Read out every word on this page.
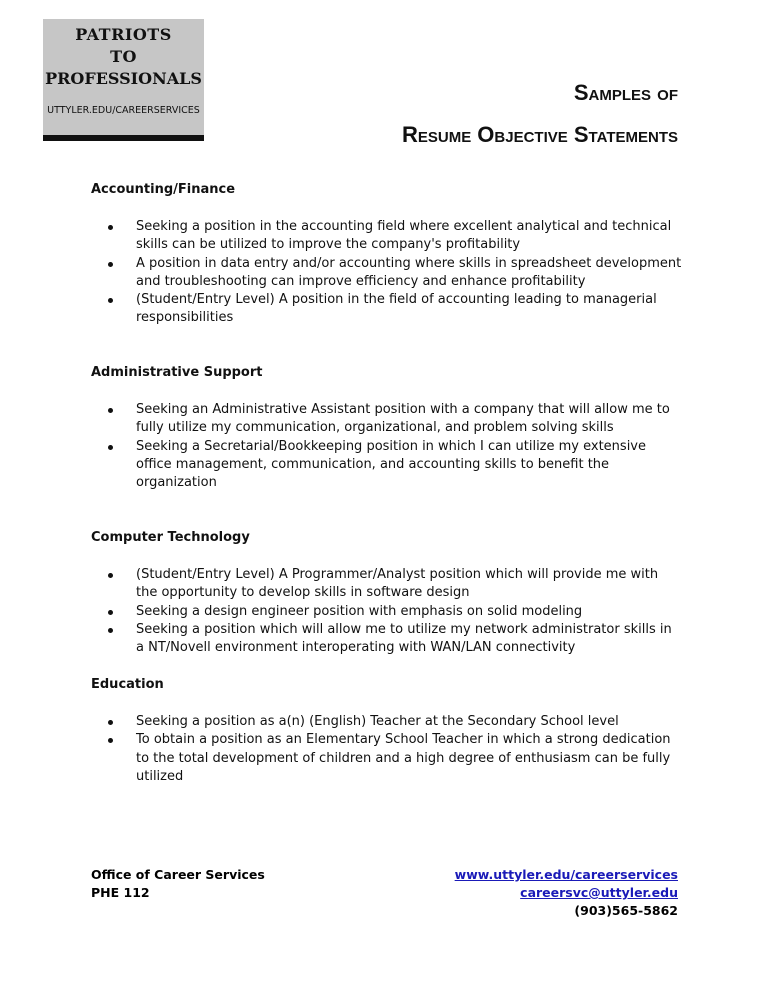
PATRIOTS
TO
PROFESSIONALS
UTTYLER.EDU/CAREERSERVICES
Samples of
Resume Objective Statements
Accounting/Finance
Seeking a position in the accounting field where excellent analytical and technical skills can be utilized to improve the company's profitability
A position in data entry and/or accounting where skills in spreadsheet development and troubleshooting can improve efficiency and enhance profitability
(Student/Entry Level) A position in the field of accounting leading to managerial responsibilities
Administrative Support
Seeking an Administrative Assistant position with a company that will allow me to fully utilize my communication, organizational, and problem solving skills
Seeking a Secretarial/Bookkeeping position in which I can utilize my extensive office management, communication, and accounting skills to benefit the organization
Computer Technology
(Student/Entry Level) A Programmer/Analyst position which will provide me with the opportunity to develop skills in software design
Seeking a design engineer position with emphasis on solid modeling
Seeking a position which will allow me to utilize my network administrator skills in a NT/Novell environment interoperating with WAN/LAN connectivity
Education
Seeking a position as a(n) (English) Teacher at the Secondary School level
To obtain a position as an Elementary School Teacher in which a strong dedication to the total development of children and a high degree of enthusiasm can be fully utilized
Office of Career Services
PHE 112
www.uttyler.edu/careerservices
careersvc@uttyler.edu
(903)565-5862
